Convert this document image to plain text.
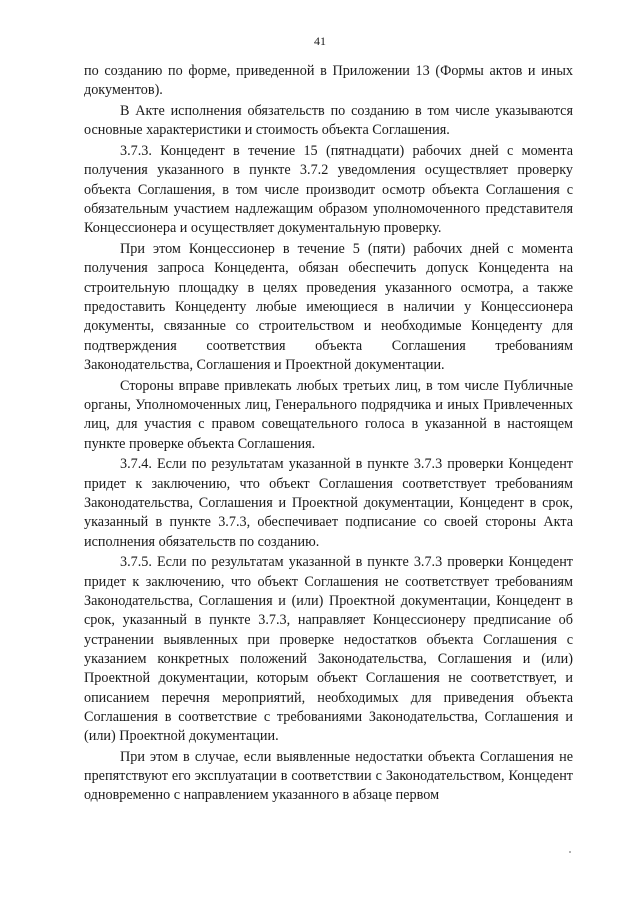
41

по созданию по форме, приведенной в Приложении 13 (Формы актов и иных документов).

В Акте исполнения обязательств по созданию в том числе указываются основные характеристики и стоимость объекта Соглашения.

3.7.3. Концедент в течение 15 (пятнадцати) рабочих дней с момента получения указанного в пункте 3.7.2 уведомления осуществляет проверку объекта Соглашения, в том числе производит осмотр объекта Соглашения с обязательным участием надлежащим образом уполномоченного представителя Концессионера и осуществляет документальную проверку.

При этом Концессионер в течение 5 (пяти) рабочих дней с момента получения запроса Концедента, обязан обеспечить допуск Концедента на строительную площадку в целях проведения указанного осмотра, а также предоставить Концеденту любые имеющиеся в наличии у Концессионера документы, связанные со строительством и необходимые Концеденту для подтверждения соответствия объекта Соглашения требованиям Законодательства, Соглашения и Проектной документации.

Стороны вправе привлекать любых третьих лиц, в том числе Публичные органы, Уполномоченных лиц, Генерального подрядчика и иных Привлеченных лиц, для участия с правом совещательного голоса в указанной в настоящем пункте проверке объекта Соглашения.

3.7.4. Если по результатам указанной в пункте 3.7.3 проверки Концедент придет к заключению, что объект Соглашения соответствует требованиям Законодательства, Соглашения и Проектной документации, Концедент в срок, указанный в пункте 3.7.3, обеспечивает подписание со своей стороны Акта исполнения обязательств по созданию.

3.7.5. Если по результатам указанной в пункте 3.7.3 проверки Концедент придет к заключению, что объект Соглашения не соответствует требованиям Законодательства, Соглашения и (или) Проектной документации, Концедент в срок, указанный в пункте 3.7.3, направляет Концессионеру предписание об устранении выявленных при проверке недостатков объекта Соглашения с указанием конкретных положений Законодательства, Соглашения и (или) Проектной документации, которым объект Соглашения не соответствует, и описанием перечня мероприятий, необходимых для приведения объекта Соглашения в соответствие с требованиями Законодательства, Соглашения и (или) Проектной документации.

При этом в случае, если выявленные недостатки объекта Соглашения не препятствуют его эксплуатации в соответствии с Законодательством, Концедент одновременно с направлением указанного в абзаце первом
